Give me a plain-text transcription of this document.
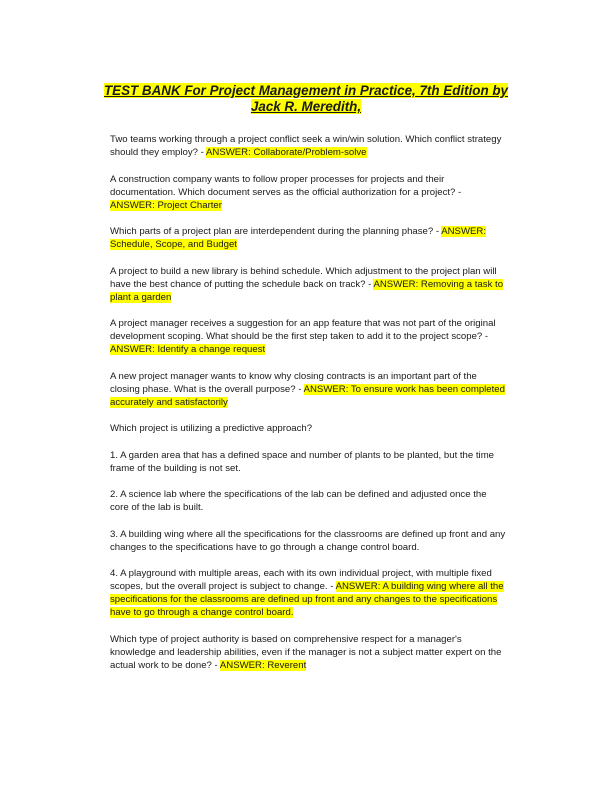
TEST BANK For Project Management in Practice, 7th Edition by Jack R. Meredith,

Two teams working through a project conflict seek a win/win solution. Which conflict strategy should they employ? - ANSWER: Collaborate/Problem-solve

A construction company wants to follow proper processes for projects and their documentation. Which document serves as the official authorization for a project? - ANSWER: Project Charter

Which parts of a project plan are interdependent during the planning phase? - ANSWER: Schedule, Scope, and Budget

A project to build a new library is behind schedule. Which adjustment to the project plan will have the best chance of putting the schedule back on track? - ANSWER: Removing a task to plant a garden

A project manager receives a suggestion for an app feature that was not part of the original development scoping. What should be the first step taken to add it to the project scope? - ANSWER: Identify a change request

A new project manager wants to know why closing contracts is an important part of the closing phase. What is the overall purpose? - ANSWER: To ensure work has been completed accurately and satisfactorily

Which project is utilizing a predictive approach?

1. A garden area that has a defined space and number of plants to be planted, but the time frame of the building is not set.

2. A science lab where the specifications of the lab can be defined and adjusted once the core of the lab is built.

3. A building wing where all the specifications for the classrooms are defined up front and any changes to the specifications have to go through a change control board.

4. A playground with multiple areas, each with its own individual project, with multiple fixed scopes, but the overall project is subject to change. - ANSWER: A building wing where all the specifications for the classrooms are defined up front and any changes to the specifications have to go through a change control board.

Which type of project authority is based on comprehensive respect for a manager's knowledge and leadership abilities, even if the manager is not a subject matter expert on the actual work to be done? - ANSWER: Reverent
